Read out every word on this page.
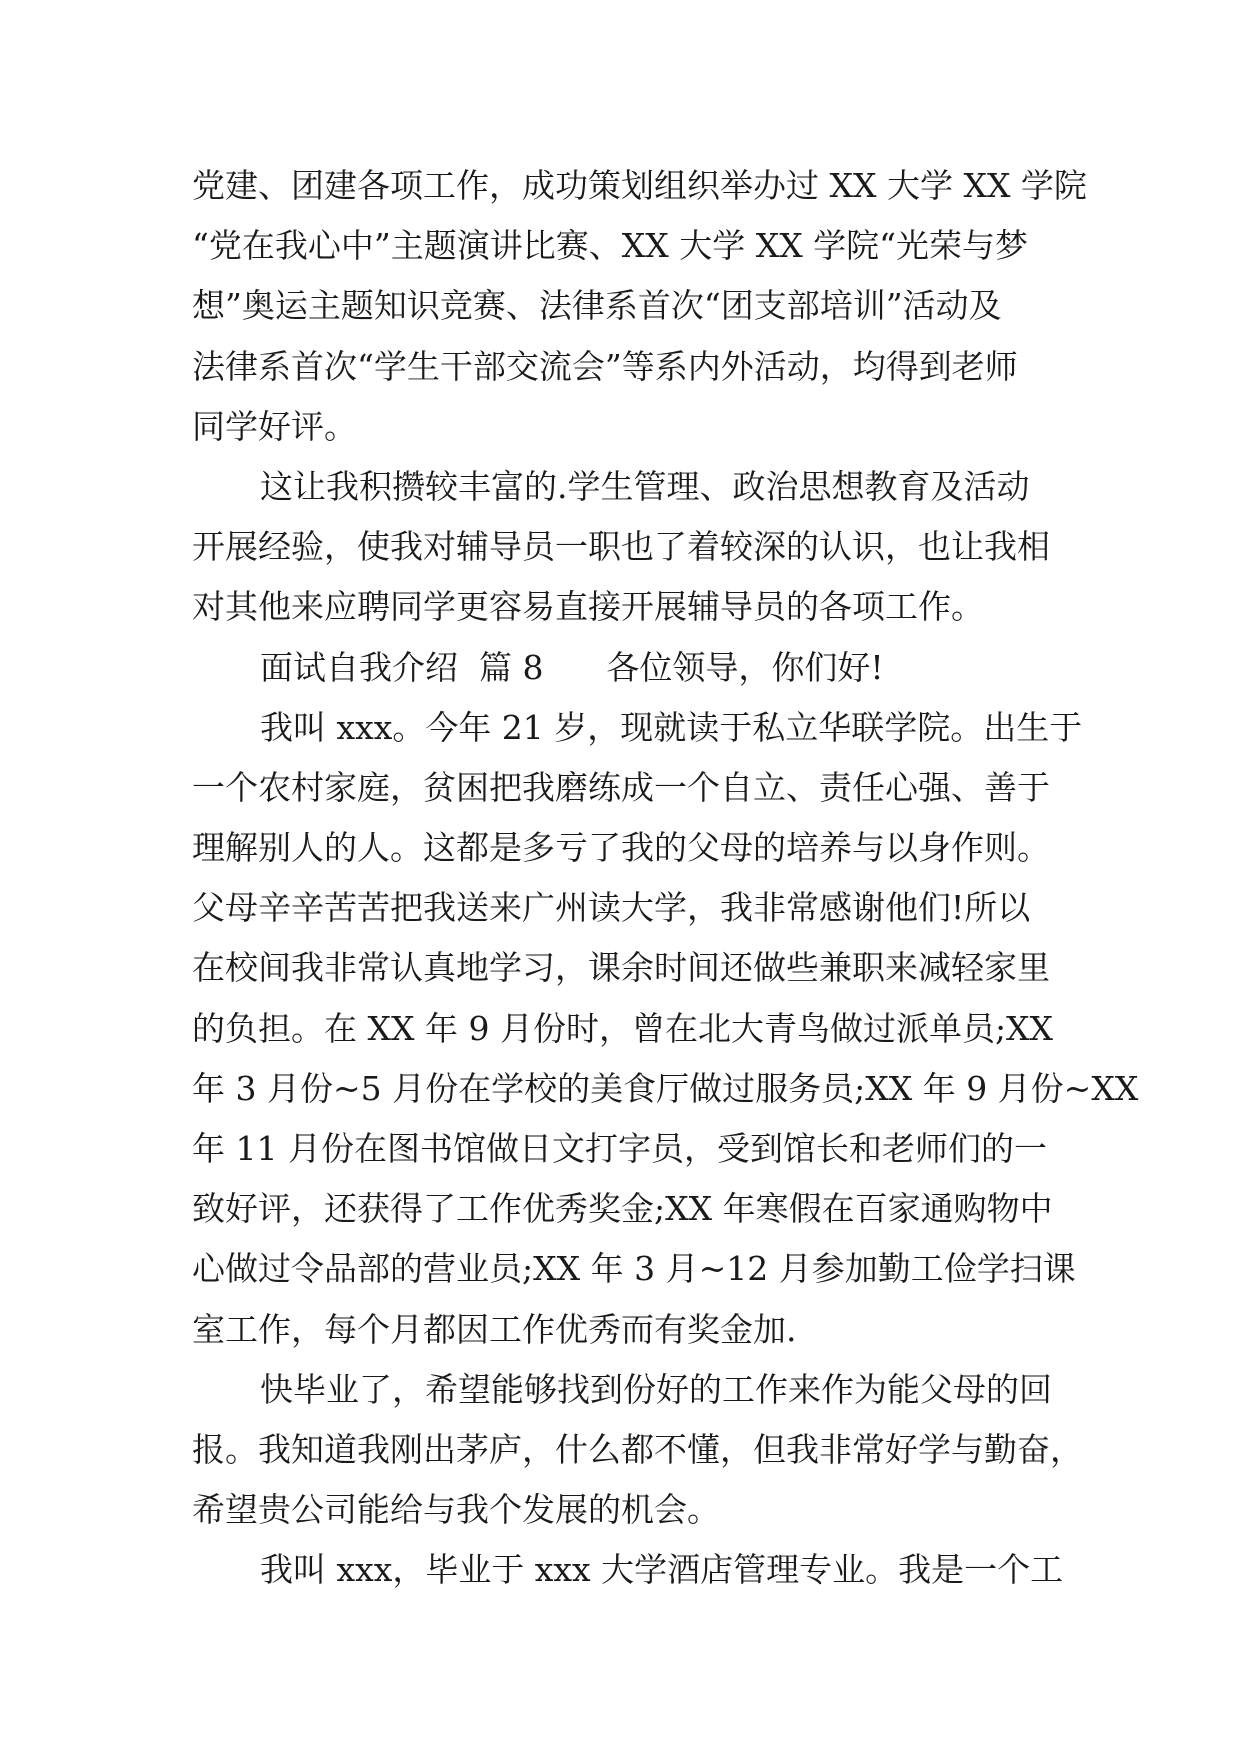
党建、团建各项工作，成功策划组织举办过 XX 大学 XX 学院
“党在我心中”主题演讲比赛、XX 大学 XX 学院“光荣与梦
想”奥运主题知识竞赛、法律系首次“团支部培训”活动及
法律系首次“学生干部交流会”等系内外活动，均得到老师
同学好评。
这让我积攒较丰富的.学生管理、政治思想教育及活动
开展经验，使我对辅导员一职也了着较深的认识，也让我相
对其他来应聘同学更容易直接开展辅导员的各项工作。
面试自我介绍  篇 8      各位领导，你们好!
我叫 xxx。今年 21 岁，现就读于私立华联学院。出生于
一个农村家庭，贫困把我磨练成一个自立、责任心强、善于
理解别人的人。这都是多亏了我的父母的培养与以身作则。
父母辛辛苦苦把我送来广州读大学，我非常感谢他们!所以
在校间我非常认真地学习，课余时间还做些兼职来减轻家里
的负担。在 XX 年 9 月份时，曾在北大青鸟做过派单员;XX
年 3 月份~5 月份在学校的美食厅做过服务员;XX 年 9 月份~XX
年 11 月份在图书馆做日文打字员，受到馆长和老师们的一
致好评，还获得了工作优秀奖金;XX 年寒假在百家通购物中
心做过令品部的营业员;XX 年 3 月~12 月参加勤工俭学扫课
室工作，每个月都因工作优秀而有奖金加.
快毕业了，希望能够找到份好的工作来作为能父母的回
报。我知道我刚出茅庐，什么都不懂，但我非常好学与勤奋，
希望贵公司能给与我个发展的机会。
我叫 xxx，毕业于 xxx 大学酒店管理专业。我是一个工
